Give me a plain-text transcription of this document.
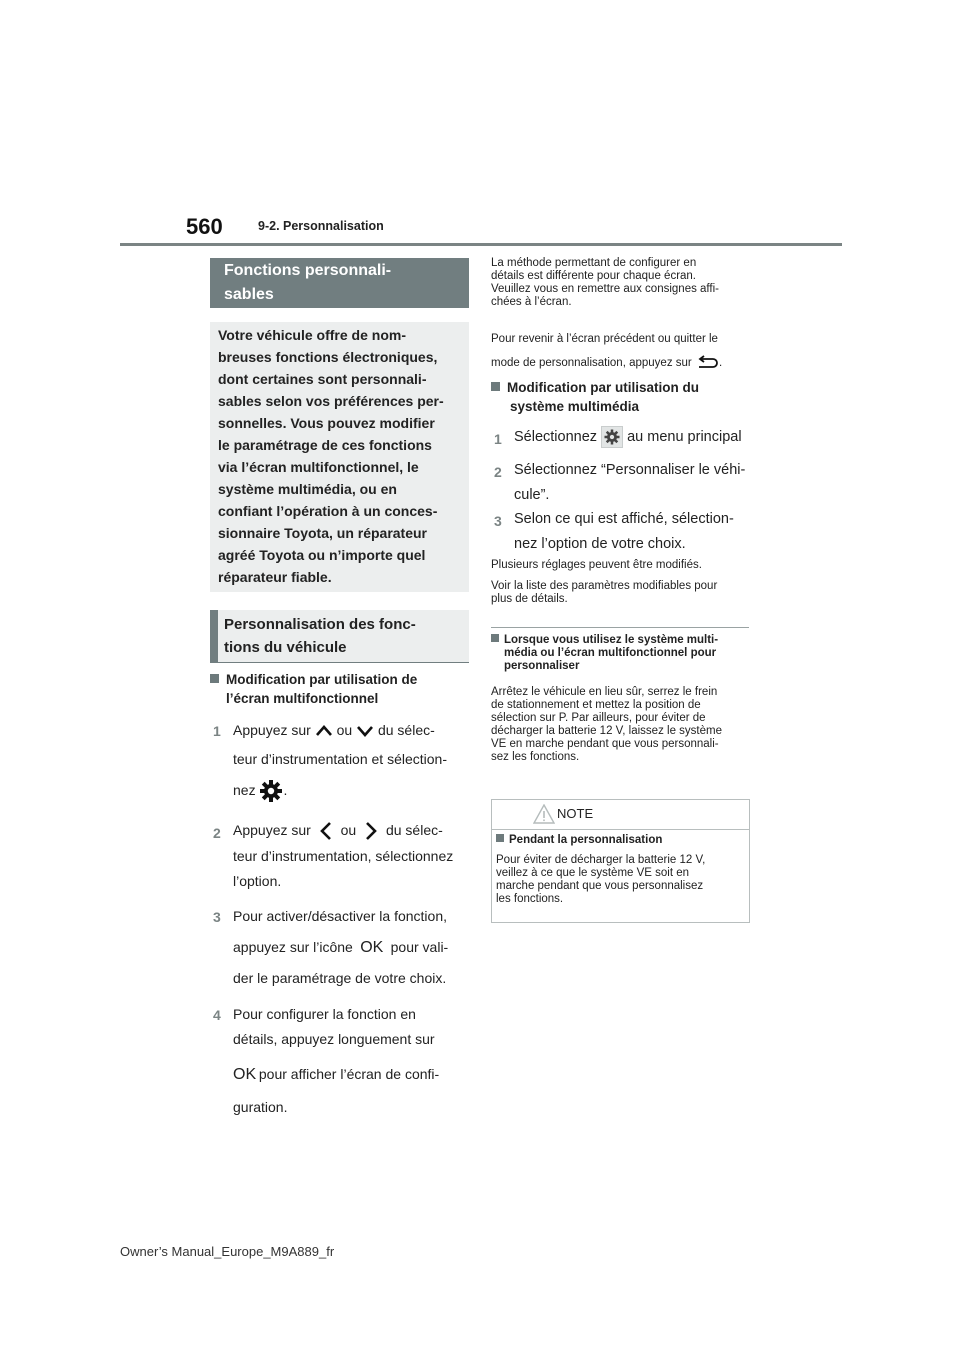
560	9-2. Personnalisation
Fonctions personnali-
sables
Votre véhicule offre de nom-
breuses fonctions électroniques,
dont certaines sont personnali-
sables selon vos préférences per-
sonnelles. Vous pouvez modifier
le paramétrage de ces fonctions
via l’écran multifonctionnel, le
système multimédia, ou en
confiant l’opération à un conces-
sionnaire Toyota, un réparateur
agréé Toyota ou n’importe quel
réparateur fiable.
Personnalisation des fonc-
tions du véhicule
Modification par utilisation de
l’écran multifonctionnel
1 Appuyez sur ou du sélec-
teur d’instrumentation et sélection-
nez .
2 Appuyez sur ou du sélec-
teur d’instrumentation, sélectionnez
l’option.
3 Pour activer/désactiver la fonction,
appuyez sur l’icône OK pour vali-
der le paramétrage de votre choix.
4 Pour configurer la fonction en
détails, appuyez longuement sur
OK pour afficher l’écran de confi-
guration.
La méthode permettant de configurer en
détails est différente pour chaque écran.
Veuillez vous en remettre aux consignes affi-
chées à l’écran.
Pour revenir à l’écran précédent ou quitter le
mode de personnalisation, appuyez sur .
Modification par utilisation du
système multimédia
1 Sélectionnez au menu principal
2 Sélectionnez “Personnaliser le véhi-
cule”.
3 Selon ce qui est affiché, sélection-
nez l’option de votre choix.
Plusieurs réglages peuvent être modifiés.
Voir la liste des paramètres modifiables pour
plus de détails.
Lorsque vous utilisez le système multi-
média ou l’écran multifonctionnel pour
personnaliser
Arrêtez le véhicule en lieu sûr, serrez le frein
de stationnement et mettez la position de
sélection sur P. Par ailleurs, pour éviter de
décharger la batterie 12 V, laissez le système
VE en marche pendant que vous personnali-
sez les fonctions.
NOTE
Pendant la personnalisation
Pour éviter de décharger la batterie 12 V,
veillez à ce que le système VE soit en
marche pendant que vous personnalisez
les fonctions.
Owner’s Manual_Europe_M9A889_fr
